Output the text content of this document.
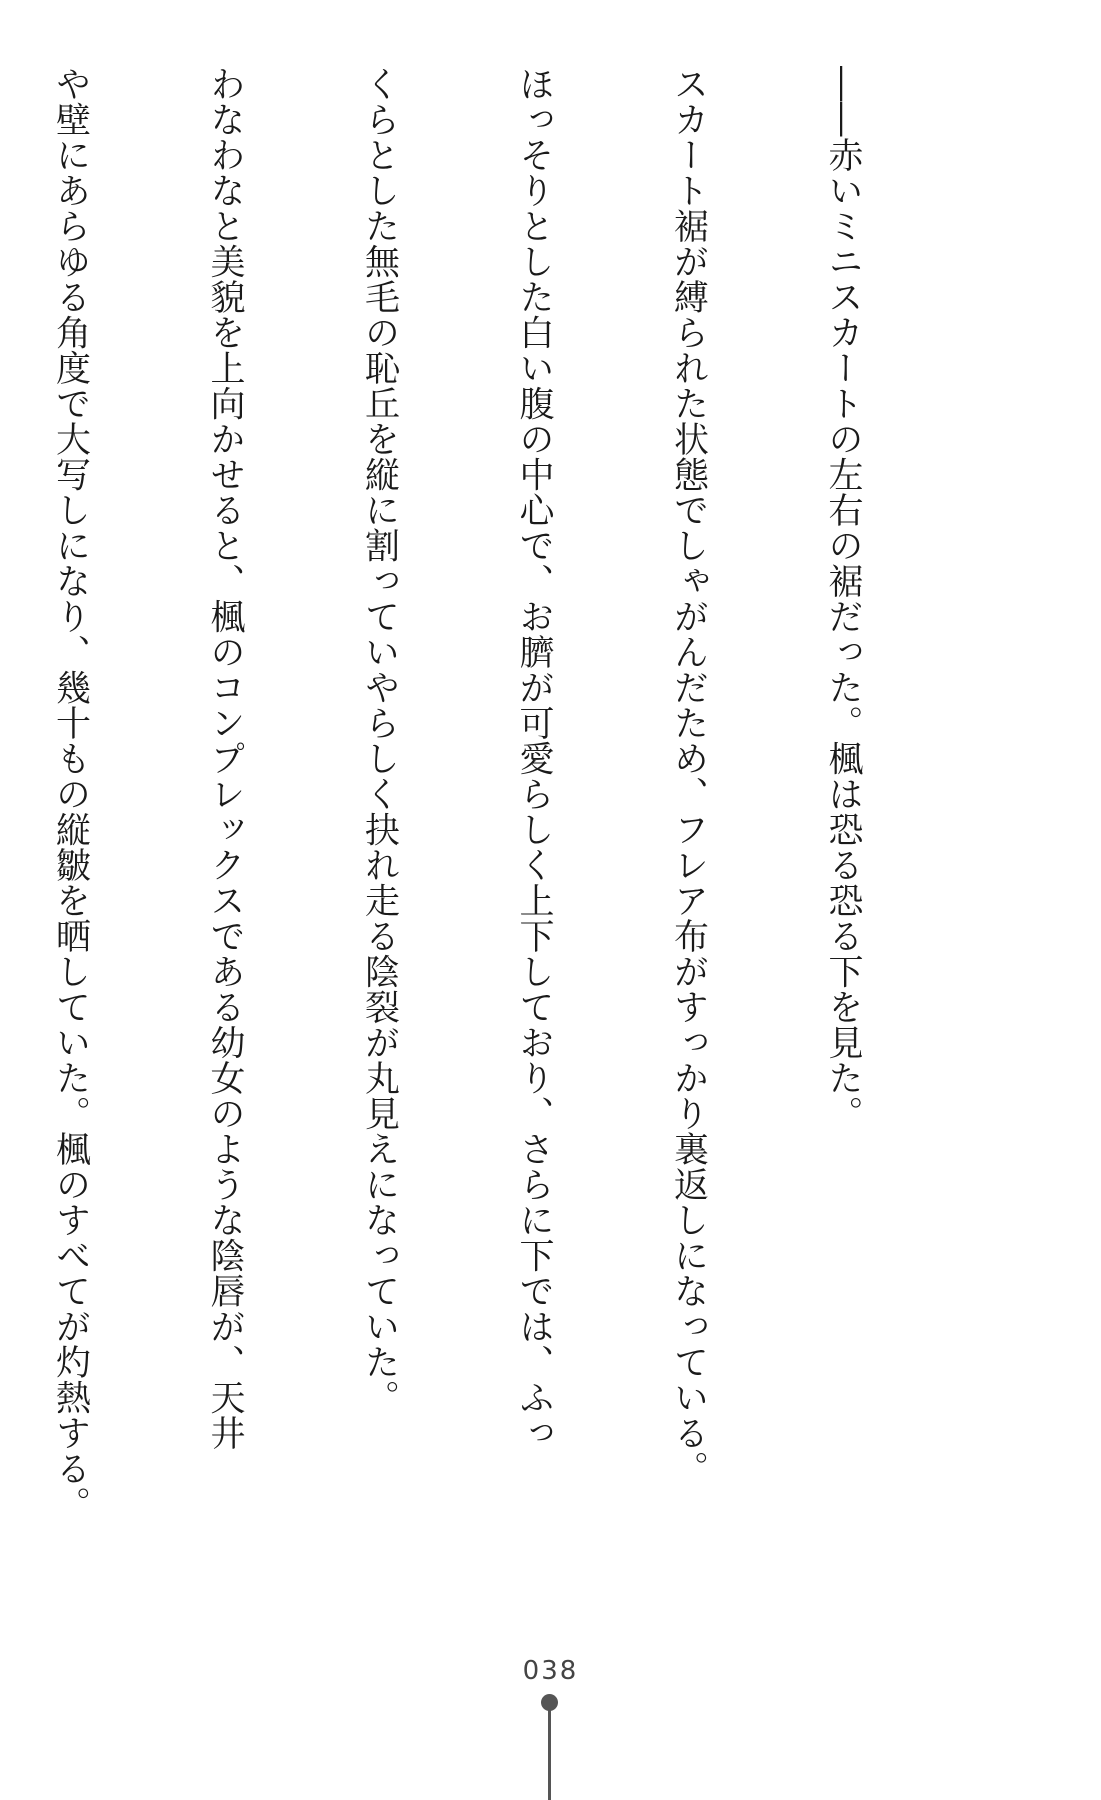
――赤いミニスカートの左右の裾だった。楓は恐る恐る下を見た。

スカート裾が縛られた状態でしゃがんだため、フレア布がすっかり裏返しになっている。

ほっそりとした白い腹の中心で、お臍が可愛らしく上下しており、さらに下では、ふっ

くらとした無毛の恥丘を縦に割っていやらしく抉れ走る陰裂が丸見えになっていた。

わなわなと美貌を上向かせると、楓のコンプレックスである幼女のような陰唇が、天井

や壁にあらゆる角度で大写しになり、幾十もの縦皺を晒していた。楓のすべてが灼熱する。

038
